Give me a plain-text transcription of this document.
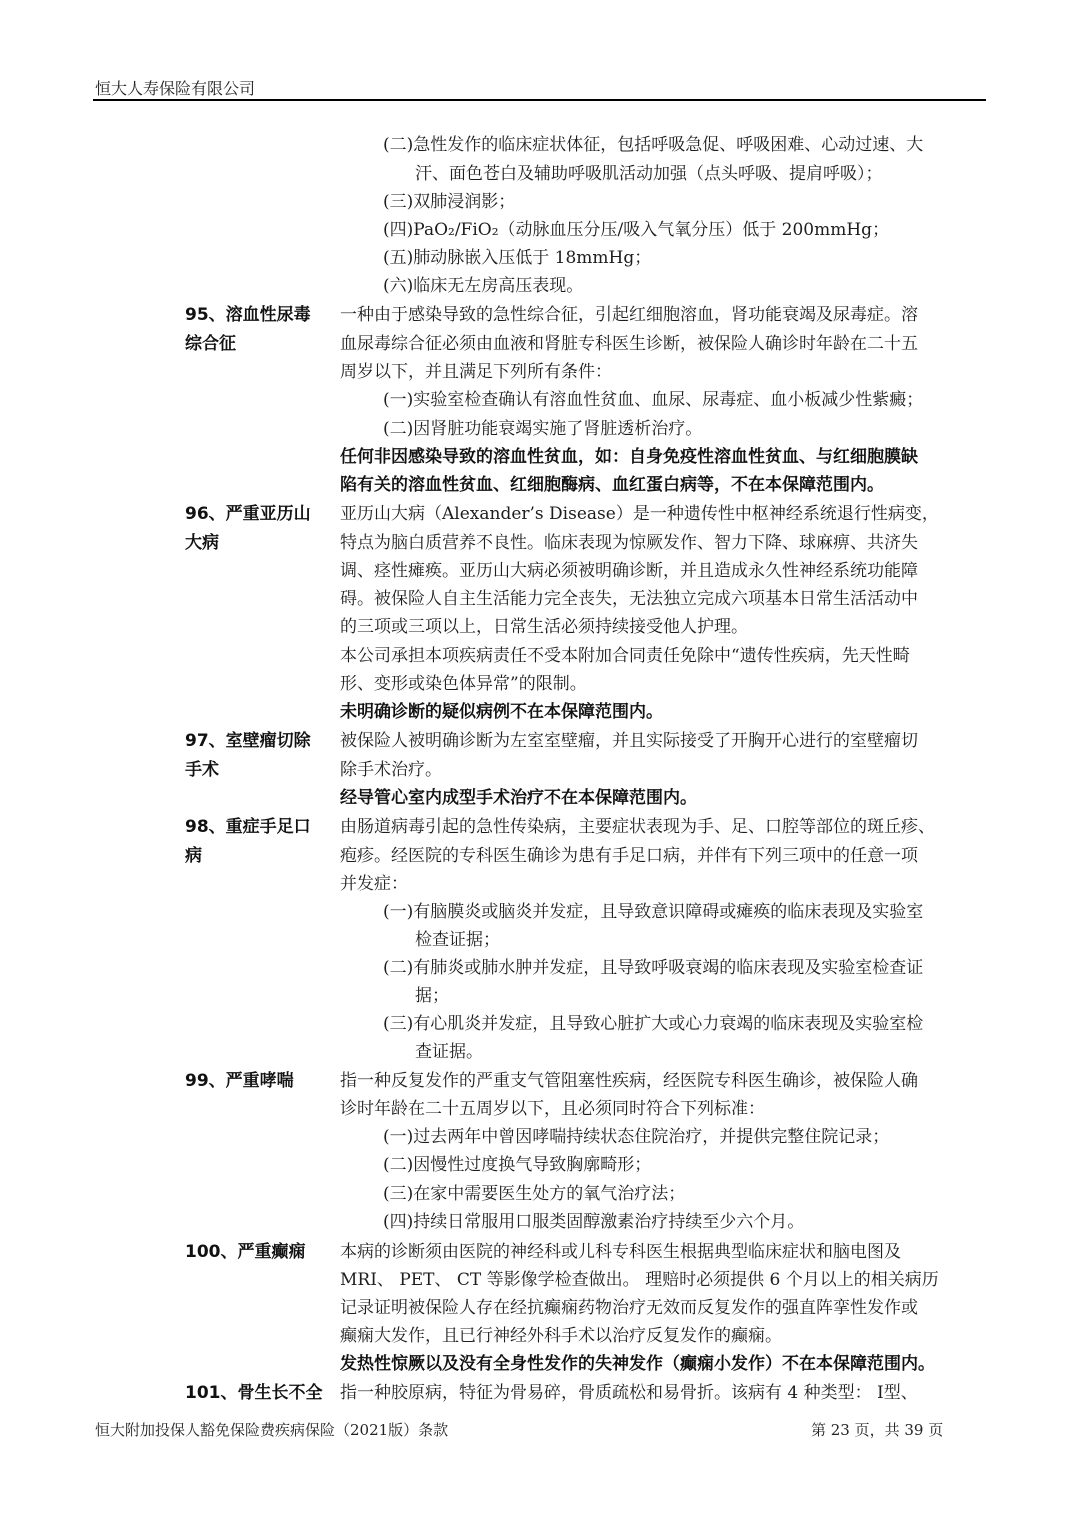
恒大人寿保险有限公司
95、溶血性尿毒
综合征
96、严重亚历山
大病
97、室壁瘤切除
手术
98、重症手足口
病
99、严重哮喘
100、严重癫痫
101、骨生长不全
(二)急性发作的临床症状体征，包括呼吸急促、呼吸困难、心动过速、大
汗、面色苍白及辅助呼吸肌活动加强（点头呼吸、提肩呼吸）；
(三)双肺浸润影；
(四)PaO₂/FiO₂（动脉血压分压/吸入气氧分压）低于 200mmHg；
(五)肺动脉嵌入压低于 18mmHg；
(六)临床无左房高压表现。
一种由于感染导致的急性综合征，引起红细胞溶血，肾功能衰竭及尿毒症。溶
血尿毒综合征必须由血液和肾脏专科医生诊断，被保险人确诊时年龄在二十五
周岁以下，并且满足下列所有条件：
(一)实验室检查确认有溶血性贫血、血尿、尿毒症、血小板减少性紫癜；
(二)因肾脏功能衰竭实施了肾脏透析治疗。
任何非因感染导致的溶血性贫血，如：自身免疫性溶血性贫血、与红细胞膜缺
陷有关的溶血性贫血、红细胞酶病、血红蛋白病等，不在本保障范围内。
亚历山大病（Alexander’s Disease）是一种遗传性中枢神经系统退行性病变，
特点为脑白质营养不良性。临床表现为惊厥发作、智力下降、球麻痹、共济失
调、痉性瘫痪。亚历山大病必须被明确诊断，并且造成永久性神经系统功能障
碍。被保险人自主生活能力完全丧失，无法独立完成六项基本日常生活活动中
的三项或三项以上，日常生活必须持续接受他人护理。
本公司承担本项疾病责任不受本附加合同责任免除中“遗传性疾病，先天性畸
形、变形或染色体异常”的限制。
未明确诊断的疑似病例不在本保障范围内。
被保险人被明确诊断为左室室壁瘤，并且实际接受了开胸开心进行的室壁瘤切
除手术治疗。
经导管心室内成型手术治疗不在本保障范围内。
由肠道病毒引起的急性传染病，主要症状表现为手、足、口腔等部位的斑丘疹、
疱疹。经医院的专科医生确诊为患有手足口病，并伴有下列三项中的任意一项
并发症：
(一)有脑膜炎或脑炎并发症，且导致意识障碍或瘫痪的临床表现及实验室
检查证据；
(二)有肺炎或肺水肿并发症，且导致呼吸衰竭的临床表现及实验室检查证
据；
(三)有心肌炎并发症，且导致心脏扩大或心力衰竭的临床表现及实验室检
查证据。
指一种反复发作的严重支气管阻塞性疾病，经医院专科医生确诊，被保险人确
诊时年龄在二十五周岁以下，且必须同时符合下列标准：
(一)过去两年中曾因哮喘持续状态住院治疗，并提供完整住院记录；
(二)因慢性过度换气导致胸廓畸形；
(三)在家中需要医生处方的氧气治疗法；
(四)持续日常服用口服类固醇激素治疗持续至少六个月。
本病的诊断须由医院的神经科或儿科专科医生根据典型临床症状和脑电图及
MRI、 PET、 CT 等影像学检查做出。 理赔时必须提供 6 个月以上的相关病历
记录证明被保险人存在经抗癫痫药物治疗无效而反复发作的强直阵挛性发作或
癫痫大发作，且已行神经外科手术以治疗反复发作的癫痫。
发热性惊厥以及没有全身性发作的失神发作（癫痫小发作）不在本保障范围内。
指一种胶原病，特征为骨易碎，骨质疏松和易骨折。该病有 4 种类型： Ⅰ型、
恒大附加投保人豁免保险费疾病保险（2021版）条款	第 23 页，共 39 页
